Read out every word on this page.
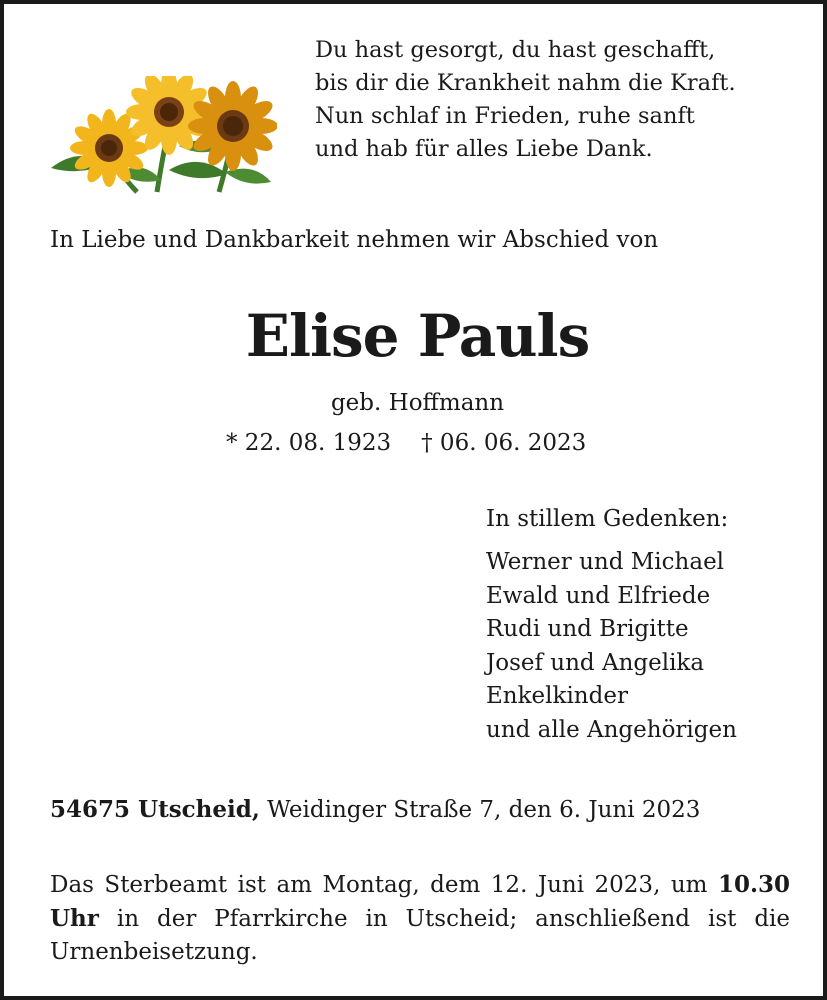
Du hast gesorgt, du hast geschafft,
bis dir die Krankheit nahm die Kraft.
Nun schlaf in Frieden, ruhe sanft
und hab für alles Liebe Dank.
In Liebe und Dankbarkeit nehmen wir Abschied von
Elise Pauls
geb. Hoffmann
* 22. 08. 1923 † 06. 06. 2023
In stillem Gedenken:
Werner und Michael
Ewald und Elfriede
Rudi und Brigitte
Josef und Angelika
Enkelkinder
und alle Angehörigen
54675 Utscheid, Weidinger Straße 7, den 6. Juni 2023
Das Sterbeamt ist am Montag, dem 12. Juni 2023, um 10.30 Uhr in der Pfarrkirche in Utscheid; anschließend ist die Urnenbeisetzung.
